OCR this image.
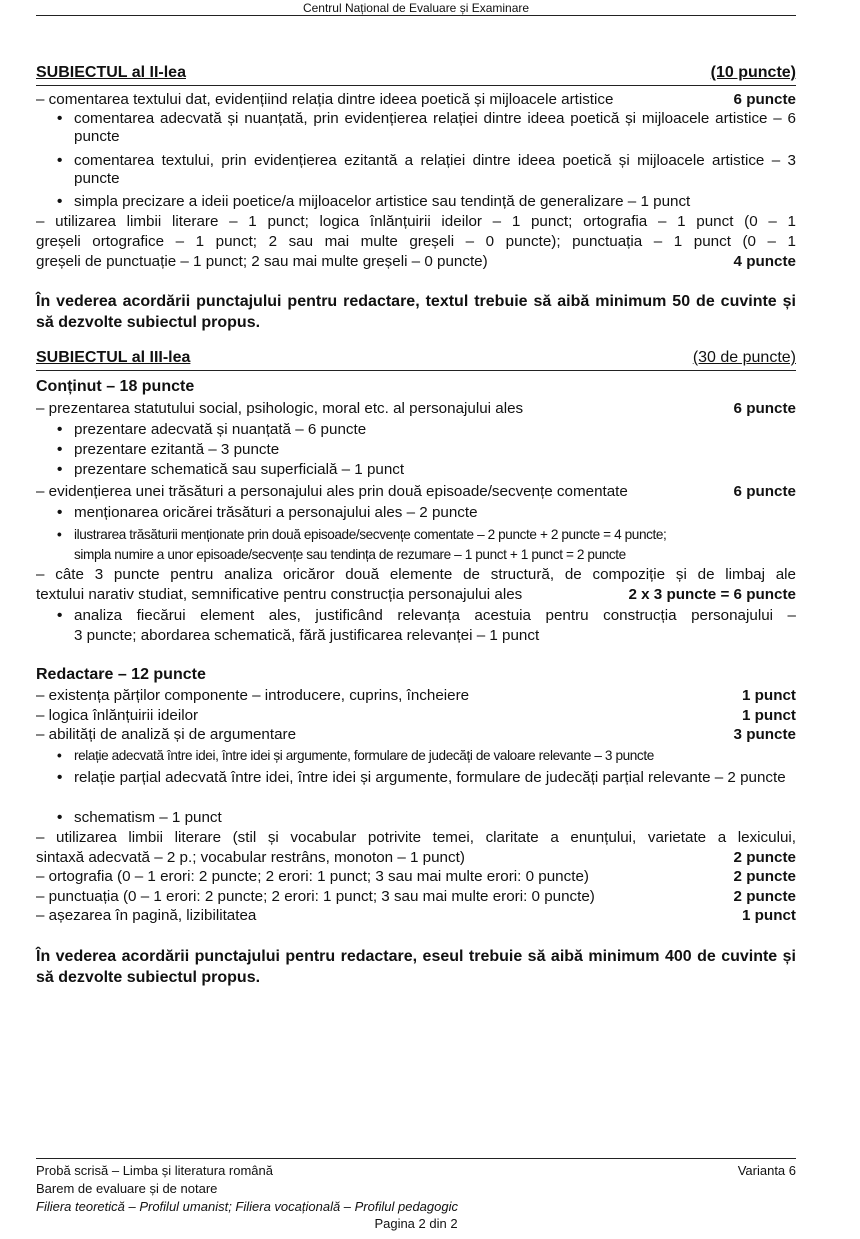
Centrul Național de Evaluare și Examinare
SUBIECTUL al II-lea	(10 puncte)
– comentarea textului dat, evidențiind relația dintre ideea poetică și mijloacele artistice	6 puncte
• comentarea adecvată și nuanțată, prin evidențierea relației dintre ideea poetică și mijloacele artistice – 6 puncte
• comentarea textului, prin evidențierea ezitantă a relației dintre ideea poetică și mijloacele artistice – 3 puncte
• simpla precizare a ideii poetice/a mijloacelor artistice sau tendință de generalizare – 1 punct
– utilizarea limbii literare – 1 punct; logica înlănțuirii ideilor – 1 punct; ortografia – 1 punct (0 – 1
greșeli ortografice – 1 punct; 2 sau mai multe greșeli – 0 puncte); punctuația – 1 punct (0 – 1
greșeli de punctuație – 1 punct; 2 sau mai multe greșeli – 0 puncte)	4 puncte
În vederea acordării punctajului pentru redactare, textul trebuie să aibă minimum 50 de cuvinte și să dezvolte subiectul propus.
SUBIECTUL al III-lea	(30 de puncte)
Conținut – 18 puncte
– prezentarea statutului social, psihologic, moral etc. al personajului ales	6 puncte
• prezentare adecvată și nuanțată – 6 puncte
• prezentare ezitantă – 3 puncte
• prezentare schematică sau superficială – 1 punct
– evidențierea unei trăsături a personajului ales prin două episoade/secvențe comentate	6 puncte
• menționarea oricărei trăsături a personajului ales – 2 puncte
• ilustrarea trăsăturii menționate prin două episoade/secvențe comentate – 2 puncte + 2 puncte = 4 puncte;
simpla numire a unor episoade/secvențe sau tendința de rezumare – 1 punct + 1 punct = 2 puncte
– câte 3 puncte pentru analiza oricăror două elemente de structură, de compoziție și de limbaj ale
textului narativ studiat, semnificative pentru construcția personajului ales	2 x 3 puncte = 6 puncte
• analiza fiecărui element ales, justificând relevanța acestuia pentru construcția personajului –
3 puncte; abordarea schematică, fără justificarea relevanței – 1 punct
Redactare – 12 puncte
– existența părților componente – introducere, cuprins, încheiere	1 punct
– logica înlănțuirii ideilor	1 punct
– abilități de analiză și de argumentare	3 puncte
• relație adecvată între idei, între idei și argumente, formulare de judecăți de valoare relevante – 3 puncte
• relație parțial adecvată între idei, între idei și argumente, formulare de judecăți parțial relevante – 2 puncte
• schematism – 1 punct
– utilizarea limbii literare (stil și vocabular potrivite temei, claritate a enunțului, varietate a lexicului,
sintaxă adecvată – 2 p.; vocabular restrâns, monoton – 1 punct)	2 puncte
– ortografia (0 – 1 erori: 2 puncte; 2 erori: 1 punct; 3 sau mai multe erori: 0 puncte)	2 puncte
– punctuația (0 – 1 erori: 2 puncte; 2 erori: 1 punct; 3 sau mai multe erori: 0 puncte)	2 puncte
– așezarea în pagină, lizibilitatea	1 punct
În vederea acordării punctajului pentru redactare, eseul trebuie să aibă minimum 400 de cuvinte și să dezvolte subiectul propus.
Probă scrisă – Limba și literatura română	Varianta 6
Barem de evaluare și de notare
Filiera teoretică – Profilul umanist; Filiera vocațională – Profilul pedagogic
Pagina 2 din 2
